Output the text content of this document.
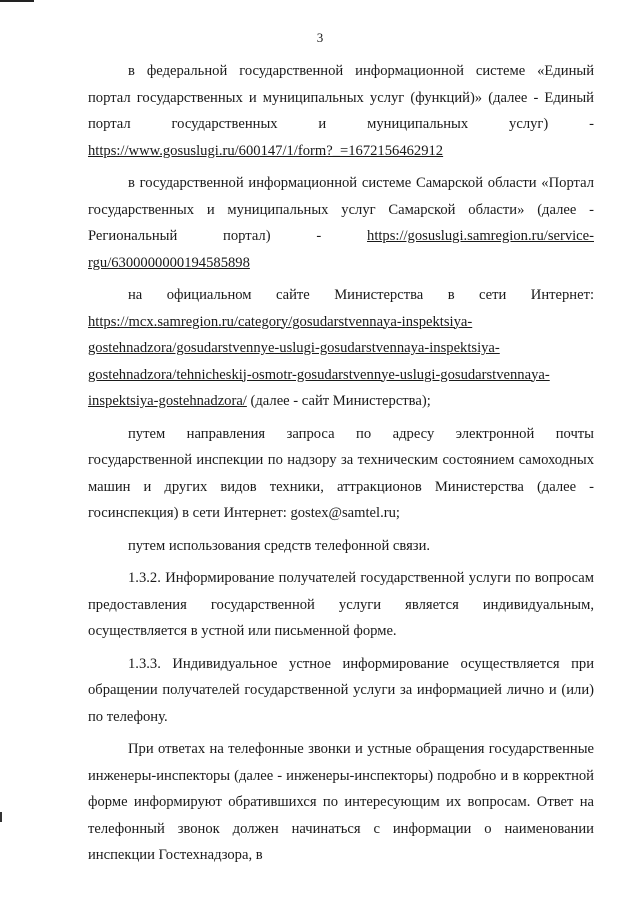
3

в федеральной государственной информационной системе «Единый портал государственных и муниципальных услуг (функций)» (далее - Единый портал государственных и муниципальных услуг) - https://www.gosuslugi.ru/600147/1/form?_=1672156462912

в государственной информационной системе Самарской области «Портал государственных и муниципальных услуг Самарской области» (далее - Региональный портал) - https://gosuslugi.samregion.ru/service-rgu/6300000000194585898

на официальном сайте Министерства в сети Интернет: https://mcx.samregion.ru/category/gosudarstvennaya-inspektsiya-gostehnadzora/gosudarstvennye-uslugi-gosudarstvennaya-inspektsiya-gostehnadzora/tehnicheskij-osmotr-gosudarstvennye-uslugi-gosudarstvennaya-inspektsiya-gostehnadzora/ (далее - сайт Министерства);

путем направления запроса по адресу электронной почты государственной инспекции по надзору за техническим состоянием самоходных машин и других видов техники, аттракционов Министерства (далее - госинспекция) в сети Интернет: gostex@samtel.ru;

путем использования средств телефонной связи.

1.3.2. Информирование получателей государственной услуги по вопросам предоставления государственной услуги является индивидуальным, осуществляется в устной или письменной форме.

1.3.3. Индивидуальное устное информирование осуществляется при обращении получателей государственной услуги за информацией лично и (или) по телефону.

При ответах на телефонные звонки и устные обращения государственные инженеры-инспекторы (далее - инженеры-инспекторы) подробно и в корректной форме информируют обратившихся по интересующим их вопросам. Ответ на телефонный звонок должен начинаться с информации о наименовании инспекции Гостехнадзора, в
